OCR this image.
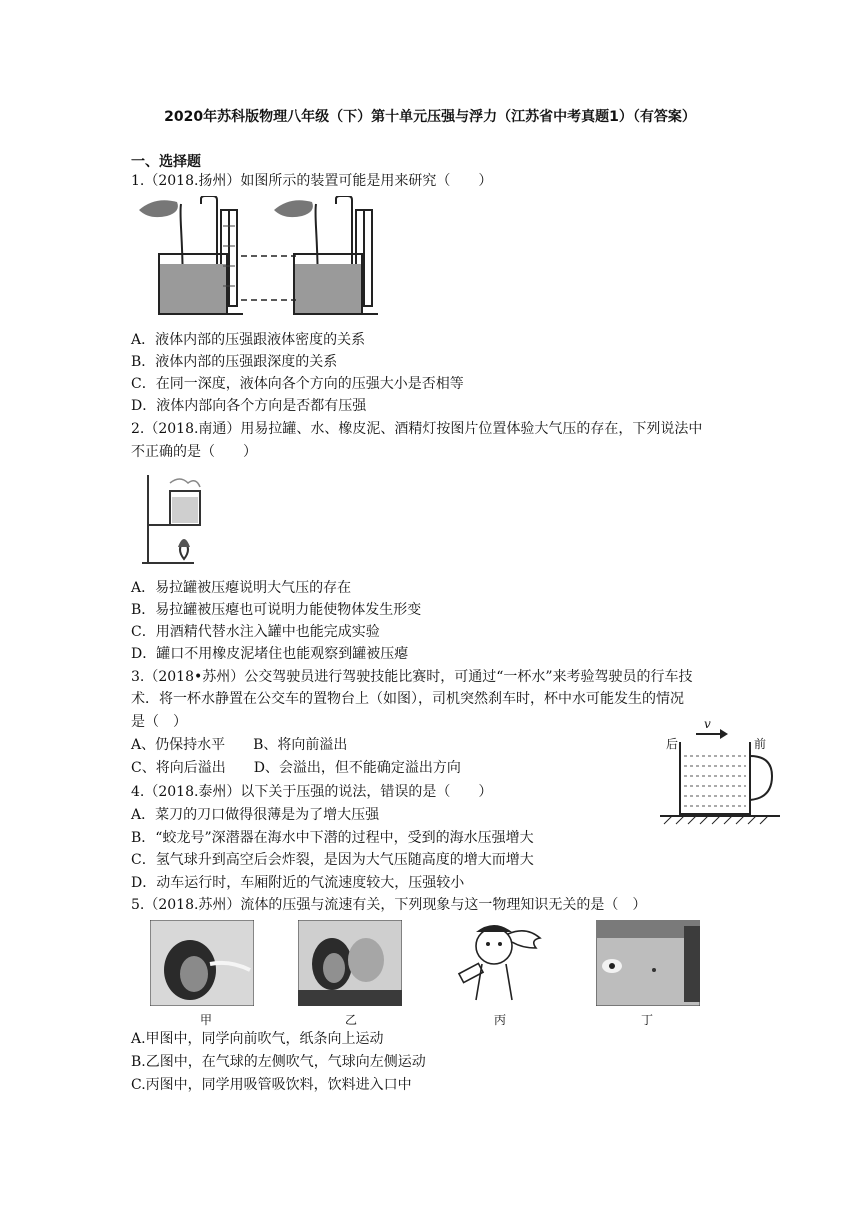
2020年苏科版物理八年级（下）第十单元压强与浮力（江苏省中考真题1）（有答案）
一、选择题
1.（2018.扬州）如图所示的装置可能是用来研究（　　）
A．液体内部的压强跟液体密度的关系
B．液体内部的压强跟深度的关系
C．在同一深度，液体向各个方向的压强大小是否相等
D．液体内部向各个方向是否都有压强
2.（2018.南通）用易拉罐、水、橡皮泥、酒精灯按图片位置体验大气压的存在，下列说法中
不正确的是（　　）
A．易拉罐被压瘪说明大气压的存在
B．易拉罐被压瘪也可说明力能使物体发生形变
C．用酒精代替水注入罐中也能完成实验
D．罐口不用橡皮泥堵住也能观察到罐被压瘪
3.（2018•苏州）公交驾驶员进行驾驶技能比赛时，可通过“一杯水”来考验驾驶员的行车技
术．将一杯水静置在公交车的置物台上（如图），司机突然刹车时，杯中水可能发生的情况
是（　）
A、仍保持水平　　B、将向前溢出
C、将向后溢出　　D、会溢出，但不能确定溢出方向
后	前
v
4.（2018.泰州）以下关于压强的说法，错误的是（　　）
A．菜刀的刀口做得很薄是为了增大压强
B．“蛟龙号”深潜器在海水中下潜的过程中，受到的海水压强增大
C．氢气球升到高空后会炸裂，是因为大气压随高度的增大而增大
D．动车运行时，车厢附近的气流速度较大，压强较小
5.（2018.苏州）流体的压强与流速有关，下列现象与这一物理知识无关的是（　）
甲	乙	丙	丁
A.甲图中，同学向前吹气，纸条向上运动
B.乙图中，在气球的左侧吹气，气球向左侧运动
C.丙图中，同学用吸管吸饮料，饮料进入口中
